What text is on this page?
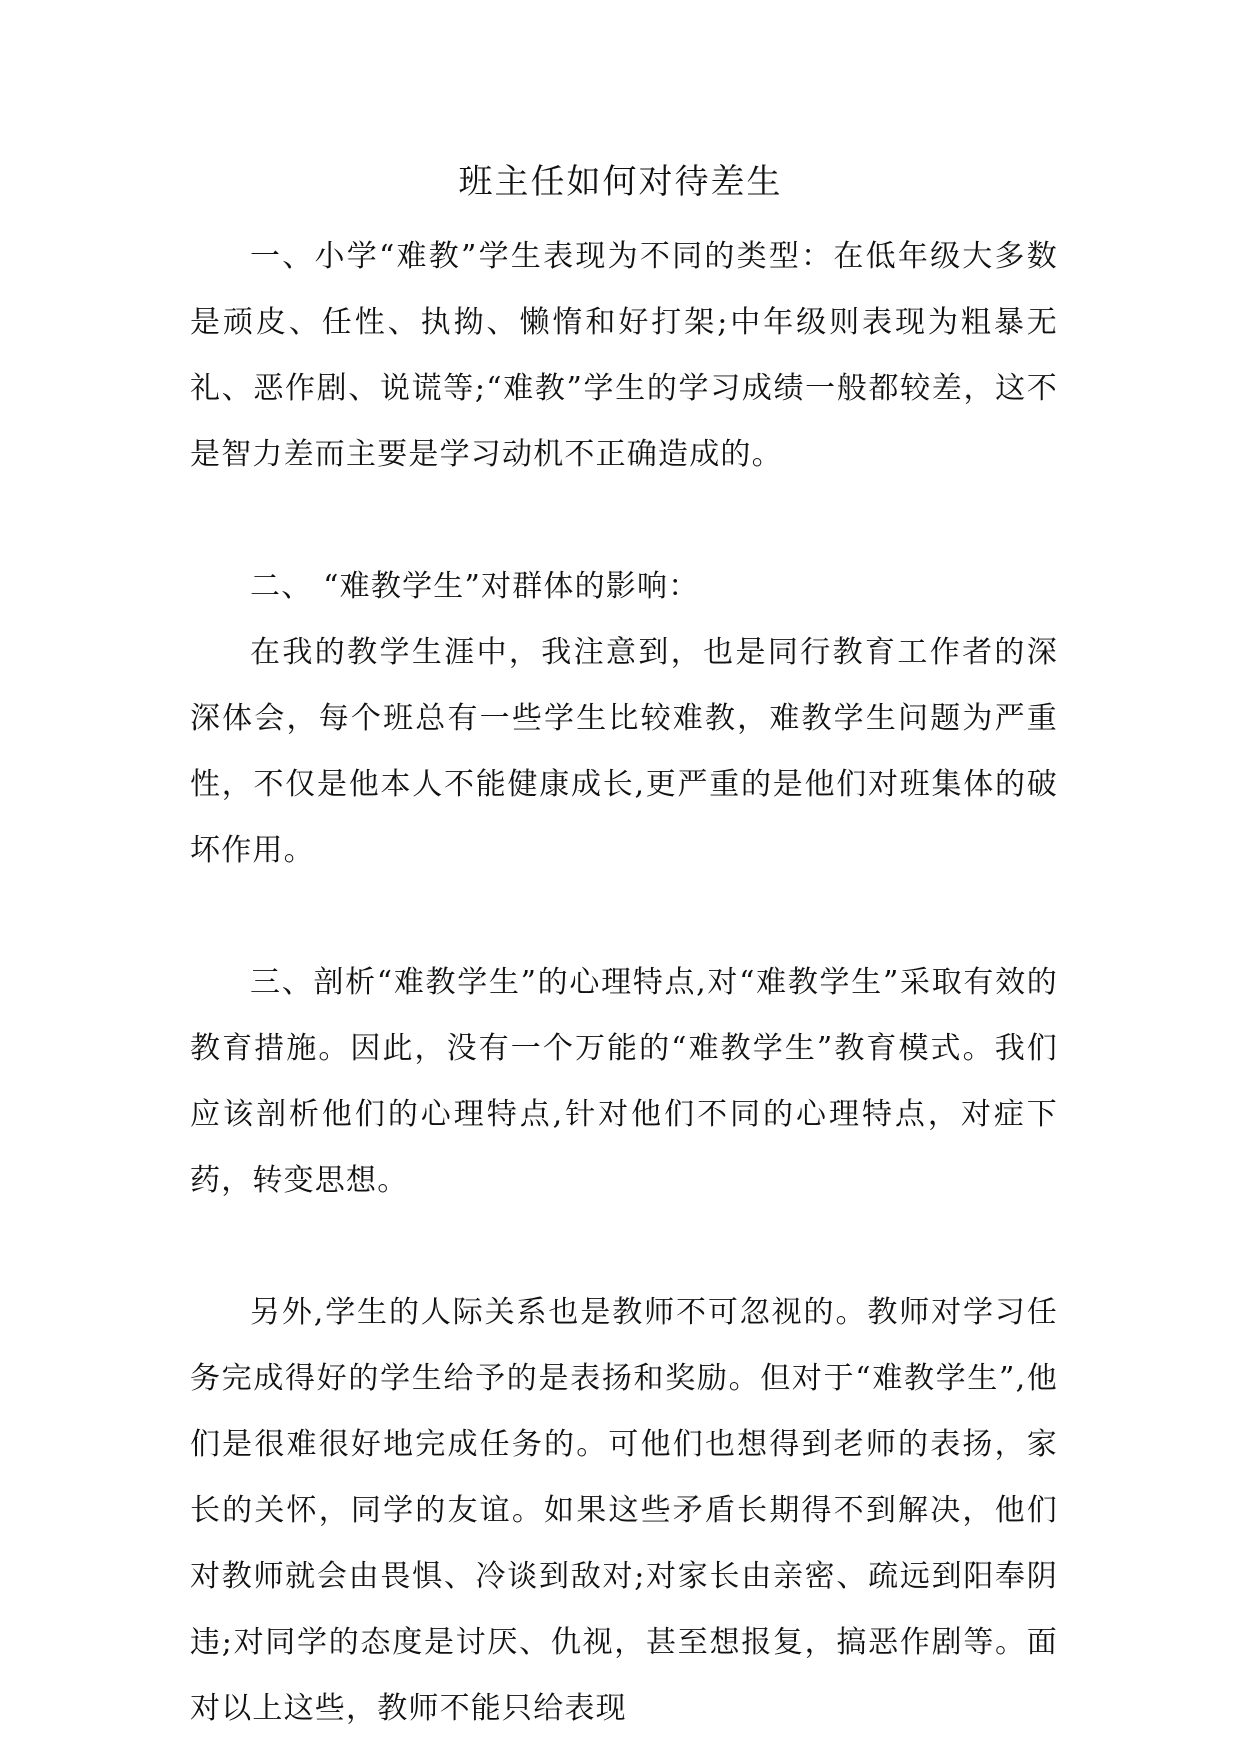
班主任如何对待差生

一、小学“难教”学生表现为不同的类型：在低年级大多数是顽皮、任性、执拗、懒惰和好打架;中年级则表现为粗暴无礼、恶作剧、说谎等;“难教”学生的学习成绩一般都较差，这不是智力差而主要是学习动机不正确造成的。

二、 “难教学生”对群体的影响：

在我的教学生涯中，我注意到，也是同行教育工作者的深深体会，每个班总有一些学生比较难教，难教学生问题为严重性，不仅是他本人不能健康成长,更严重的是他们对班集体的破坏作用。

三、剖析“难教学生”的心理特点,对“难教学生”采取有效的教育措施。因此，没有一个万能的“难教学生”教育模式。我们应该剖析他们的心理特点,针对他们不同的心理特点，对症下药，转变思想。

另外,学生的人际关系也是教师不可忽视的。教师对学习任务完成得好的学生给予的是表扬和奖励。但对于“难教学生”,他们是很难很好地完成任务的。可他们也想得到老师的表扬，家长的关怀，同学的友谊。如果这些矛盾长期得不到解决，他们对教师就会由畏惧、冷谈到敌对;对家长由亲密、疏远到阳奉阴违;对同学的态度是讨厌、仇视，甚至想报复，搞恶作剧等。面对以上这些，教师不能只给表现
